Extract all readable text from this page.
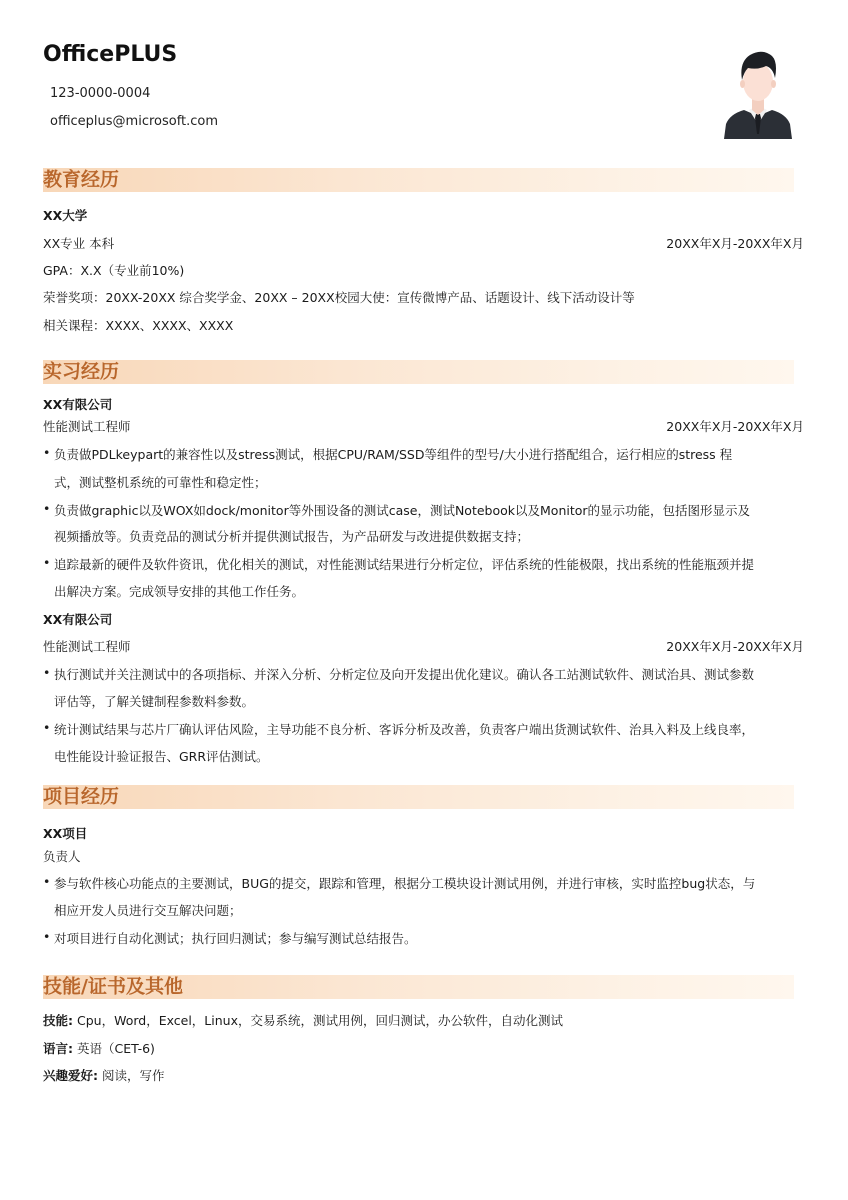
OfficePLUS
123-0000-0004
officeplus@microsoft.com
教育经历
XX大学
XX专业 本科	20XX年X月-20XX年X月
GPA：X.X（专业前10%)
荣誉奖项：20XX-20XX 综合奖学金、20XX – 20XX校园大使：宣传微博产品、话题设计、线下活动设计等
相关课程：XXXX、XXXX、XXXX
实习经历
XX有限公司
性能测试工程师	20XX年X月-20XX年X月
• 负责做PDLkeypart的兼容性以及stress测试，根据CPU/RAM/SSD等组件的型号/大小进行搭配组合，运行相应的stress 程
式，测试整机系统的可靠性和稳定性；
• 负责做graphic以及WOX如dock/monitor等外围设备的测试case，测试Notebook以及Monitor的显示功能，包括图形显示及
视频播放等。负责竞品的测试分析并提供测试报告，为产品研发与改进提供数据支持；
• 追踪最新的硬件及软件资讯，优化相关的测试，对性能测试结果进行分析定位，评估系统的性能极限，找出系统的性能瓶颈并提
出解决方案。完成领导安排的其他工作任务。
XX有限公司
性能测试工程师	20XX年X月-20XX年X月
• 执行测试并关注测试中的各项指标、并深入分析、分析定位及向开发提出优化建议。确认各工站测试软件、测试治具、测试参数
评估等，了解关键制程参数料参数。
• 统计测试结果与芯片厂确认评估风险，主导功能不良分析、客诉分析及改善，负责客户端出货测试软件、治具入料及上线良率，
电性能设计验证报告、GRR评估测试。
项目经历
XX项目
负责人
• 参与软件核心功能点的主要测试，BUG的提交，跟踪和管理，根据分工模块设计测试用例，并进行审核，实时监控bug状态，与
相应开发人员进行交互解决问题；
• 对项目进行自动化测试；执行回归测试；参与编写测试总结报告。
技能/证书及其他
技能: Cpu，Word，Excel，Linux，交易系统，测试用例，回归测试，办公软件，自动化测试
语言: 英语（CET-6)
兴趣爱好: 阅读，写作
